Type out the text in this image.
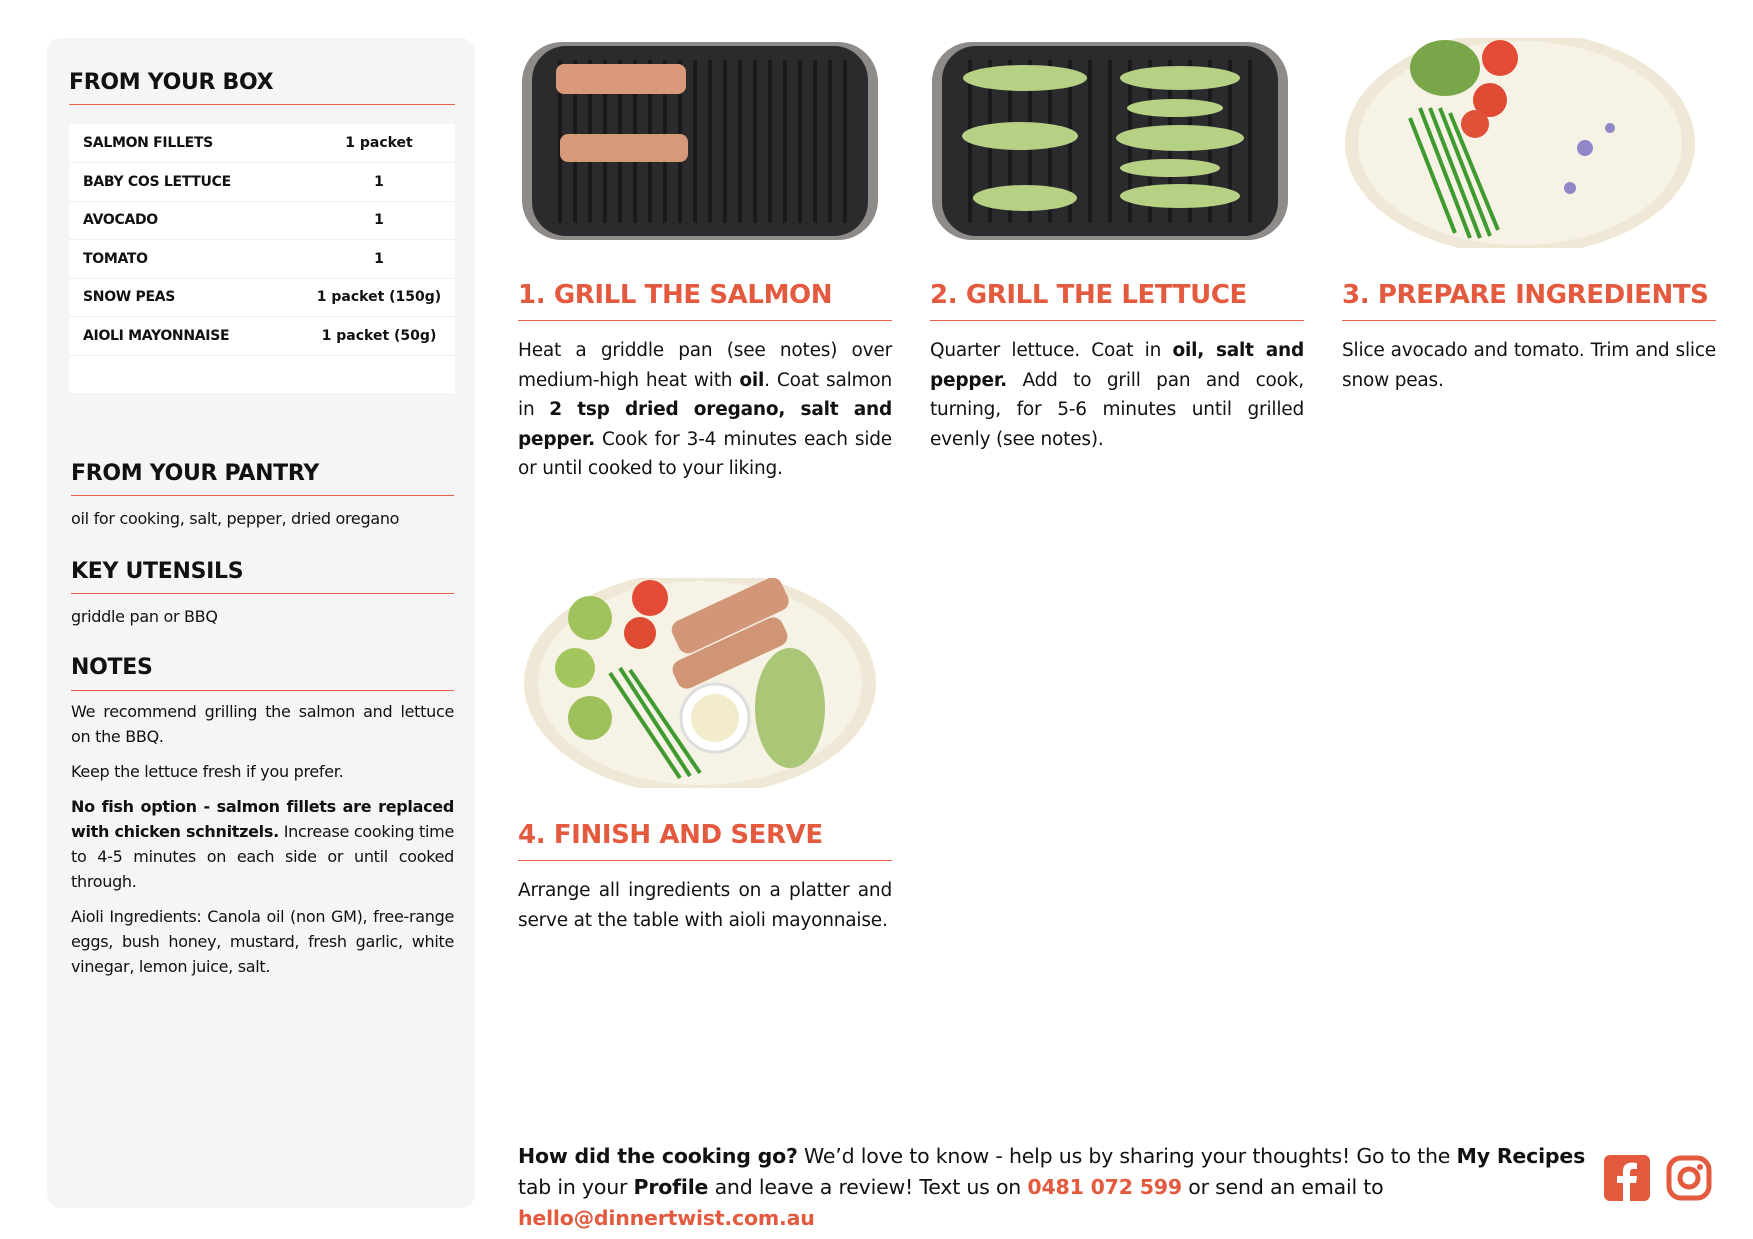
FROM YOUR BOX
SALMON FILLETS	1 packet
BABY COS LETTUCE	1
AVOCADO	1
TOMATO	1
SNOW PEAS	1 packet (150g)
AIOLI MAYONNAISE	1 packet (50g)

FROM YOUR PANTRY
oil for cooking, salt, pepper, dried oregano
KEY UTENSILS
griddle pan or BBQ
NOTES

We recommend grilling the salmon and lettuce on the BBQ.

Keep the lettuce fresh if you prefer.

No fish option - salmon fillets are replaced with chicken schnitzels. Increase cooking time to 4-5 minutes on each side or until cooked through.

Aioli Ingredients: Canola oil (non GM), free-range eggs, bush honey, mustard, fresh garlic, white vinegar, lemon juice, salt.

1. GRILL THE SALMON
Heat a griddle pan (see notes) over medium-high heat with oil. Coat salmon in 2 tsp dried oregano, salt and pepper. Cook for 3-4 minutes each side or until cooked to your liking.
2. GRILL THE LETTUCE
Quarter lettuce. Coat in oil, salt and pepper. Add to grill pan and cook, turning, for 5-6 minutes until grilled evenly (see notes).
3. PREPARE INGREDIENTS
Slice avocado and tomato. Trim and slice snow peas.
4. FINISH AND SERVE
Arrange all ingredients on a platter and serve at the table with aioli mayonnaise.
How did the cooking go? We’d love to know - help us by sharing your thoughts! Go to the My Recipes tab in your Profile and leave a review! Text us on 0481 072 599 or send an email to hello@dinnertwist.com.au
